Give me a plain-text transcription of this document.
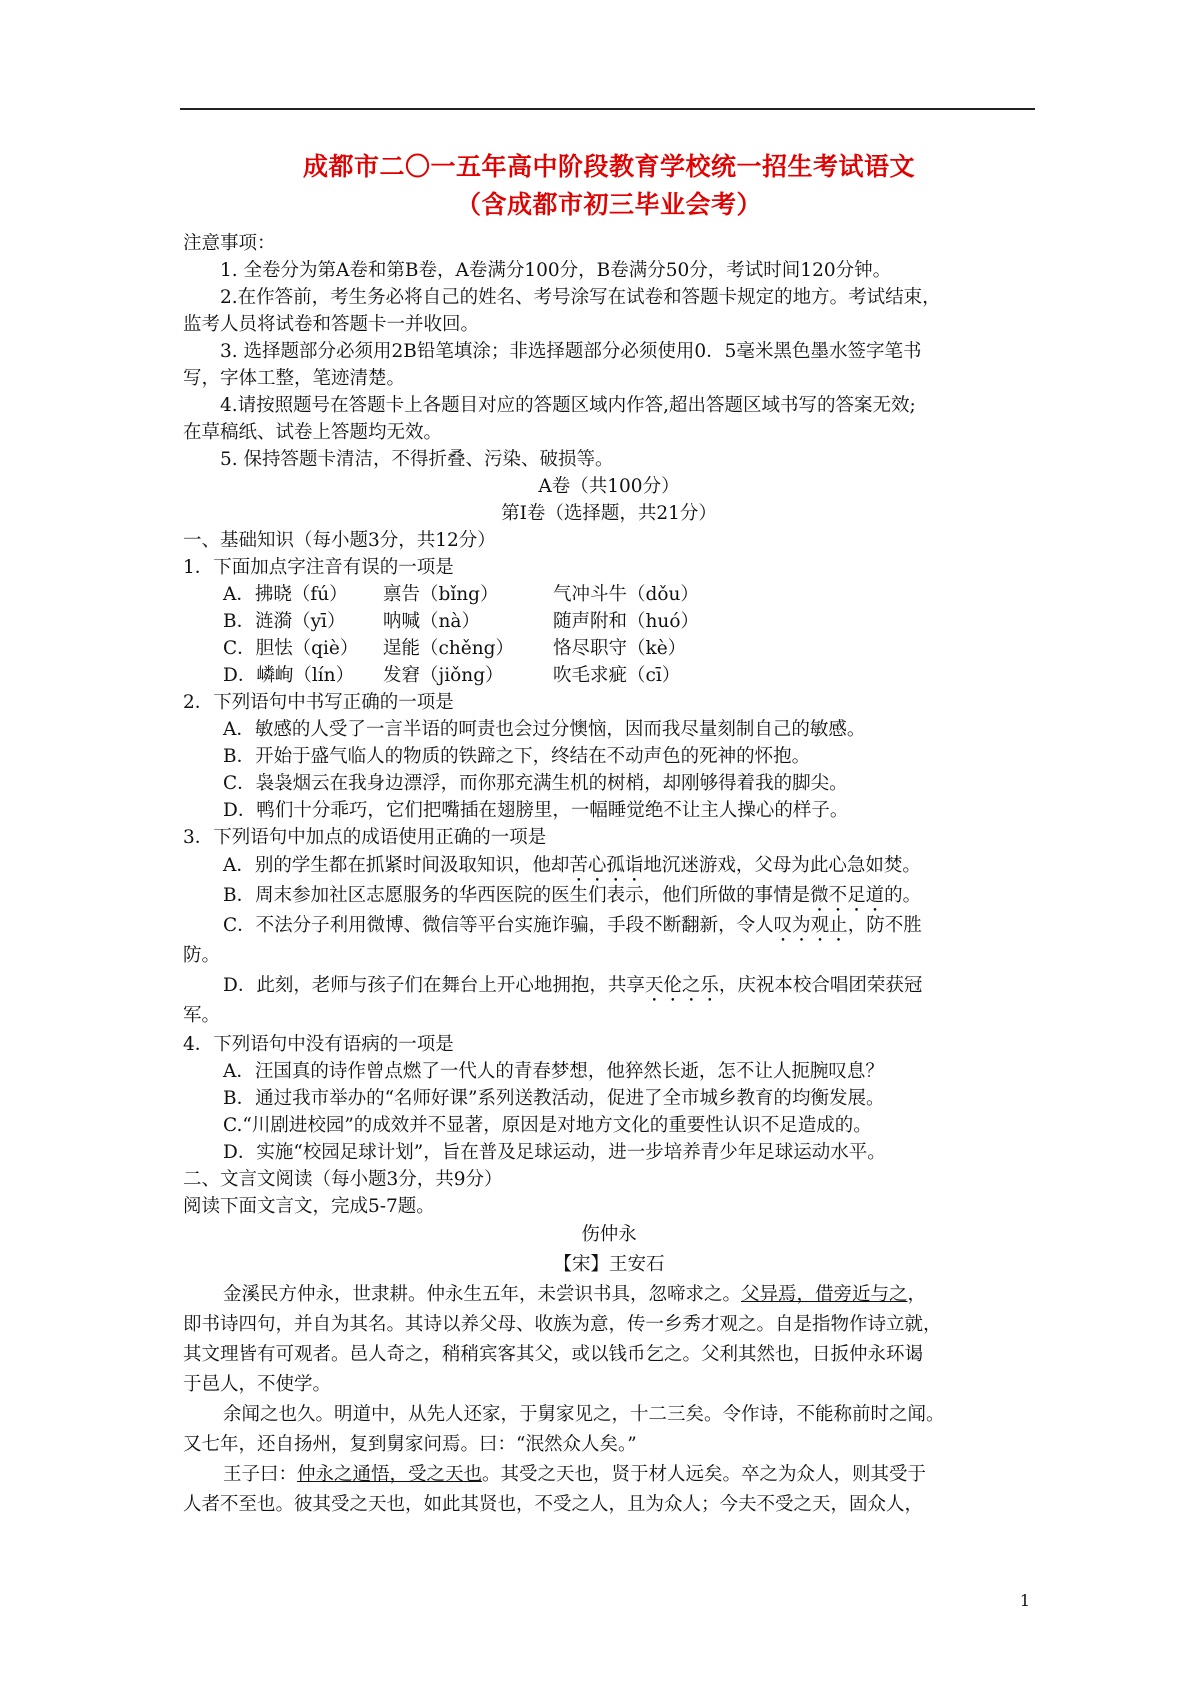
成都市二〇一五年高中阶段教育学校统一招生考试语文
（含成都市初三毕业会考）
注意事项：
1. 全卷分为第A卷和第B卷，A卷满分100分，B卷满分50分，考试时间120分钟。
2.在作答前，考生务必将自己的姓名、考号涂写在试卷和答题卡规定的地方。考试结束，
监考人员将试卷和答题卡一并收回。
3. 选择题部分必须用2B铅笔填涂；非选择题部分必须使用0．5毫米黑色墨水签字笔书
写，字体工整，笔迹清楚。
4.请按照题号在答题卡上各题目对应的答题区域内作答,超出答题区域书写的答案无效;
在草稿纸、试卷上答题均无效。
5. 保持答题卡清洁，不得折叠、污染、破损等。
A卷（共100分）
第Ⅰ卷（选择题，共21分）
一、基础知识（每小题3分，共12分）
1．下面加点字注音有误的一项是
A．拂晓（fú） 禀告（bǐng）	气冲斗牛（dǒu）
B．涟漪（yī） 呐喊（nà）	随声附和（huó）
C．胆怯（qiè） 逞能（chěng） 恪尽职守（kè）
D．嶙峋（lín） 发窘（jiǒng）	吹毛求疵（cī）
2．下列语句中书写正确的一项是
A．敏感的人受了一言半语的呵责也会过分懊恼，因而我尽量刻制自己的敏感。
B．开始于盛气临人的物质的铁蹄之下，终结在不动声色的死神的怀抱。
C．袅袅烟云在我身边漂浮，而你那充满生机的树梢，却刚够得着我的脚尖。
D．鸭们十分乖巧，它们把嘴插在翅膀里，一幅睡觉绝不让主人操心的样子。
3．下列语句中加点的成语使用正确的一项是
A．别的学生都在抓紧时间汲取知识，他却苦心孤诣地沉迷游戏，父母为此心急如焚。
B．周末参加社区志愿服务的华西医院的医生们表示，他们所做的事情是微不足道的。
C．不法分子利用微博、微信等平台实施诈骗，手段不断翻新，令人叹为观止，防不胜
防。
D．此刻，老师与孩子们在舞台上开心地拥抱，共享天伦之乐，庆祝本校合唱团荣获冠
军。
4．下列语句中没有语病的一项是
A．汪国真的诗作曾点燃了一代人的青春梦想，他猝然长逝，怎不让人扼腕叹息？
B．通过我市举办的“名师好课”系列送教活动，促进了全市城乡教育的均衡发展。
C.“川剧进校园”的成效并不显著，原因是对地方文化的重要性认识不足造成的。
D．实施“校园足球计划”，旨在普及足球运动，进一步培养青少年足球运动水平。
二、文言文阅读（每小题3分，共9分）
阅读下面文言文，完成5-7题。
伤仲永
【宋】王安石
金溪民方仲永，世隶耕。仲永生五年，未尝识书具，忽啼求之。父异焉，借旁近与之，
即书诗四句，并自为其名。其诗以养父母、收族为意，传一乡秀才观之。自是指物作诗立就，
其文理皆有可观者。邑人奇之，稍稍宾客其父，或以钱币乞之。父利其然也，日扳仲永环谒
于邑人，不使学。
余闻之也久。明道中，从先人还家，于舅家见之，十二三矣。令作诗，不能称前时之闻。
又七年，还自扬州，复到舅家问焉。曰：“泯然众人矣。”
王子曰：仲永之通悟，受之天也。其受之天也，贤于材人远矣。卒之为众人，则其受于
人者不至也。彼其受之天也，如此其贤也，不受之人，且为众人；今夫不受之天，固众人，
1
